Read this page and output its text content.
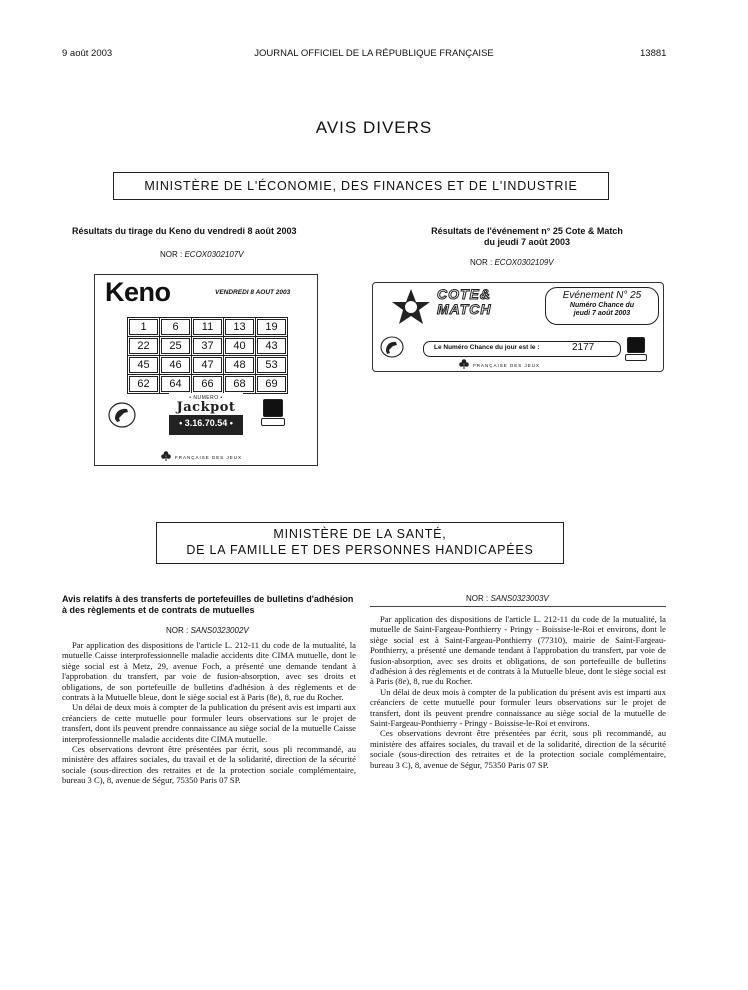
9 août 2003	JOURNAL OFFICIEL DE LA RÉPUBLIQUE FRANÇAISE	13881
AVIS DIVERS
MINISTÈRE DE L'ÉCONOMIE, DES FINANCES ET DE L'INDUSTRIE
Résultats du tirage du Keno du vendredi 8 août 2003
NOR : ECOX0302107V
Keno	VENDREDI 8 AOUT 2003
1	6	11	13	19
22	25	37	40	43
45	46	47	48	53
62	64	66	68	69
• NUMERO •
Jackpot
• 3.16.70.54 •
FRANÇAISE DES JEUX
Résultats de l'événement n° 25 Cote & Match
du jeudi 7 août 2003
NOR : ECOX0302109V
COTE&
MATCH
Evénement N° 25
Numéro Chance du
jeudi 7 août 2003
Le Numéro Chance du jour est le :	2177
FRANÇAISE DES JEUX
MINISTÈRE DE LA SANTÉ,
DE LA FAMILLE ET DES PERSONNES HANDICAPÉES
Avis relatifs à des transferts de portefeuilles de bulletins d'adhésion à des règlements et de contrats de mutuelles
NOR : SANS0323002V

Par application des dispositions de l'article L. 212-11 du code de la mutualité, la mutuelle Caisse interprofessionnelle maladie accidents dite CIMA mutuelle, dont le siège social est à Metz, 29, avenue Foch, a présenté une demande tendant à l'approbation du transfert, par voie de fusion-absorption, avec ses droits et obligations, de son portefeuille de bulletins d'adhésion à des règlements et de contrats à la Mutuelle bleue, dont le siège social est à Paris (8e), 8, rue du Rocher.

Un délai de deux mois à compter de la publication du présent avis est imparti aux créanciers de cette mutuelle pour formuler leurs observations sur le projet de transfert, dont ils peuvent prendre connaissance au siège social de la mutuelle Caisse interprofessionnelle maladie accidents dite CIMA mutuelle.

Ces observations devront être présentées par écrit, sous pli recommandé, au ministère des affaires sociales, du travail et de la solidarité, direction de la sécurité sociale (sous-direction des retraites et de la protection sociale complémentaire, bureau 3 C), 8, avenue de Ségur, 75350 Paris 07 SP.

NOR : SANS0323003V

Par application des dispositions de l'article L. 212-11 du code de la mutualité, la mutuelle de Saint-Fargeau-Ponthierry - Pringy - Boissise-le-Roi et environs, dont le siège social est à Saint-Fargeau-Ponthierry (77310), mairie de Saint-Fargeau-Ponthierry, a présenté une demande tendant à l'approbation du transfert, par voie de fusion-absorption, avec ses droits et obligations, de son portefeuille de bulletins d'adhésion à des règlements et de contrats à la Mutuelle bleue, dont le siège social est à Paris (8e), 8, rue du Rocher.

Un délai de deux mois à compter de la publication du présent avis est imparti aux créanciers de cette mutuelle pour formuler leurs observations sur le projet de transfert, dont ils peuvent prendre connaissance au siège social de la mutuelle de Saint-Fargeau-Ponthierry - Pringy - Boissise-le-Roi et environs.

Ces observations devront être présentées par écrit, sous pli recommandé, au ministère des affaires sociales, du travail et de la solidarité, direction de la sécurité sociale (sous-direction des retraites et de la protection sociale complémentaire, bureau 3 C), 8, avenue de Ségur, 75350 Paris 07 SP.
